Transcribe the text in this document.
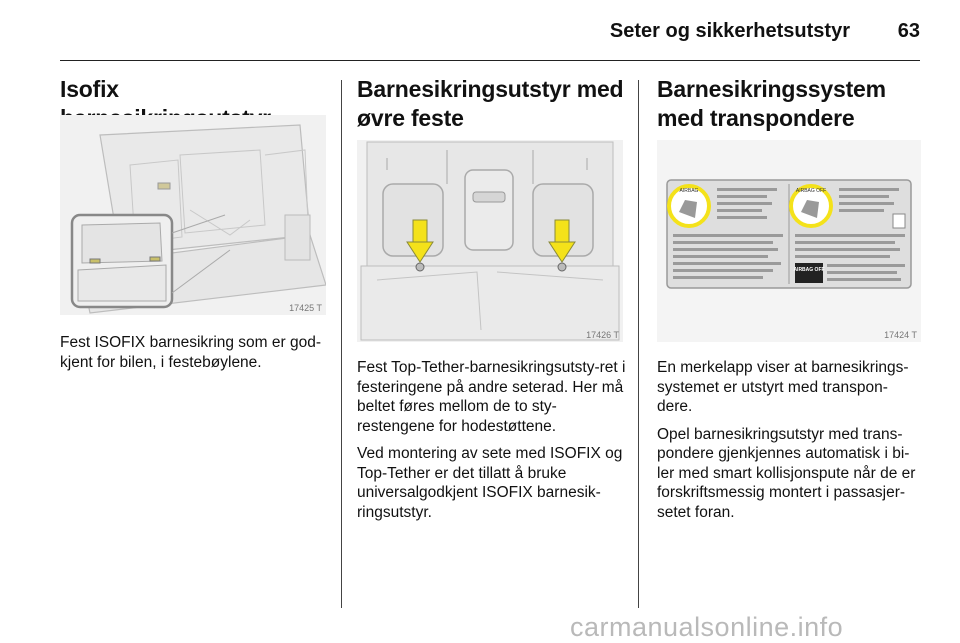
Seter og sikkerhetsutstyr 63
Isofix
17425 T

Fest ISOFIX barnesikring som er god-kjent for bilen, i festebøylene.

Barnesikringsutstyr med øvre feste
17426 T

Fest Top-Tether-barnesikringsutsty-ret i festeringene på andre seterad. Her må beltet føres mellom de to sty-restengene for hodestøttene.

Ved montering av sete med ISOFIX og Top-Tether er det tillatt å bruke universalgodkjent ISOFIX barnesik-ringsutstyr.

Barnesikringssystem med transpondere
AIRBAG	AIRBAG OFF
AIRBAG OFF
17424 T

En merkelapp viser at barnesikrings-systemet er utstyrt med transpon-dere.

Opel barnesikringsutstyr med trans-pondere gjenkjennes automatisk i bi-ler med smart kollisjonspute når de er forskriftsmessig montert i passasjer-setet foran.

carmanualsonline.info
